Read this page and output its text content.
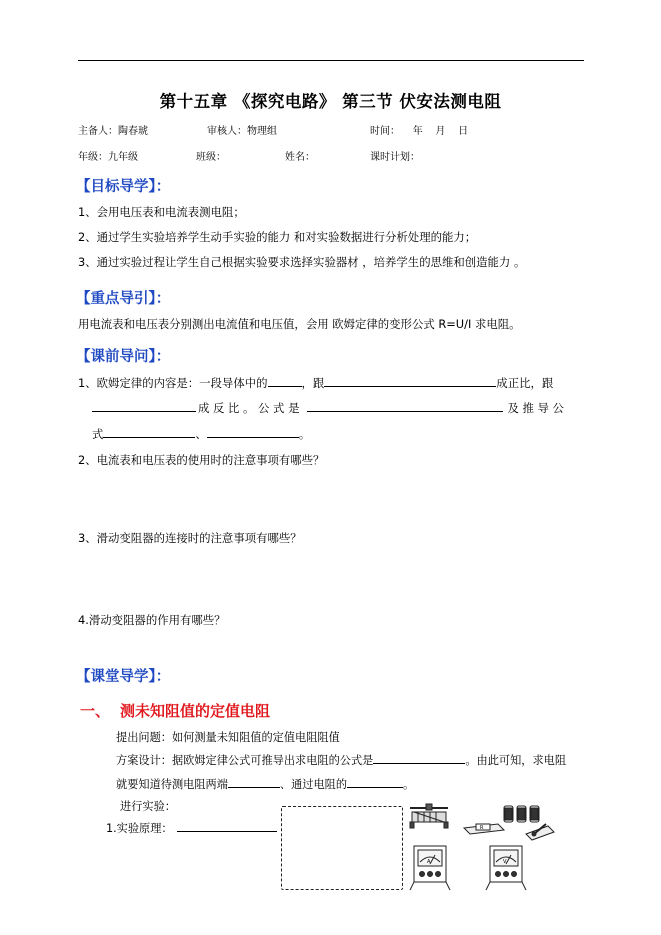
第十五章 《探究电路》 第三节 伏安法测电阻
主备人：陶春琥	审核人：物理组	时间：    年    月    日
年级：九年级	班级：	姓名：	课时计划：
【目标导学】：
1、会用电压表和电流表测电阻；
2、通过学生实验培养学生动手实验的能力 和对实验数据进行分析处理的能力；
3、通过实验过程让学生自己根据实验要求选择实验器材 ，培养学生的思维和创造能力 。
【重点导引】：
用电流表和电压表分别测出电流值和电压值，会用 欧姆定律的变形公式 R=U/I 求电阻。
【课前导问】：
1、欧姆定律的内容是：一段导体中的	，跟	成正比，跟
成 反 比 。 公 式 是	及 推 导 公
式	、	。
2、电流表和电压表的使用时的注意事项有哪些？
3、滑动变阻器的连接时的注意事项有哪些？
4.滑动变阻器的作用有哪些？
【课堂导学】：
一、 测未知阻值的定值电阻
提出问题：如何测量未知阻值的定值电阻阻值
方案设计：据欧姆定律公式可推导出求电阻的公式是	。由此可知，求电阻
就要知道待测电阻两端	、通过电阻的	。
进行实验：
1.实验原理：	R
A	V
